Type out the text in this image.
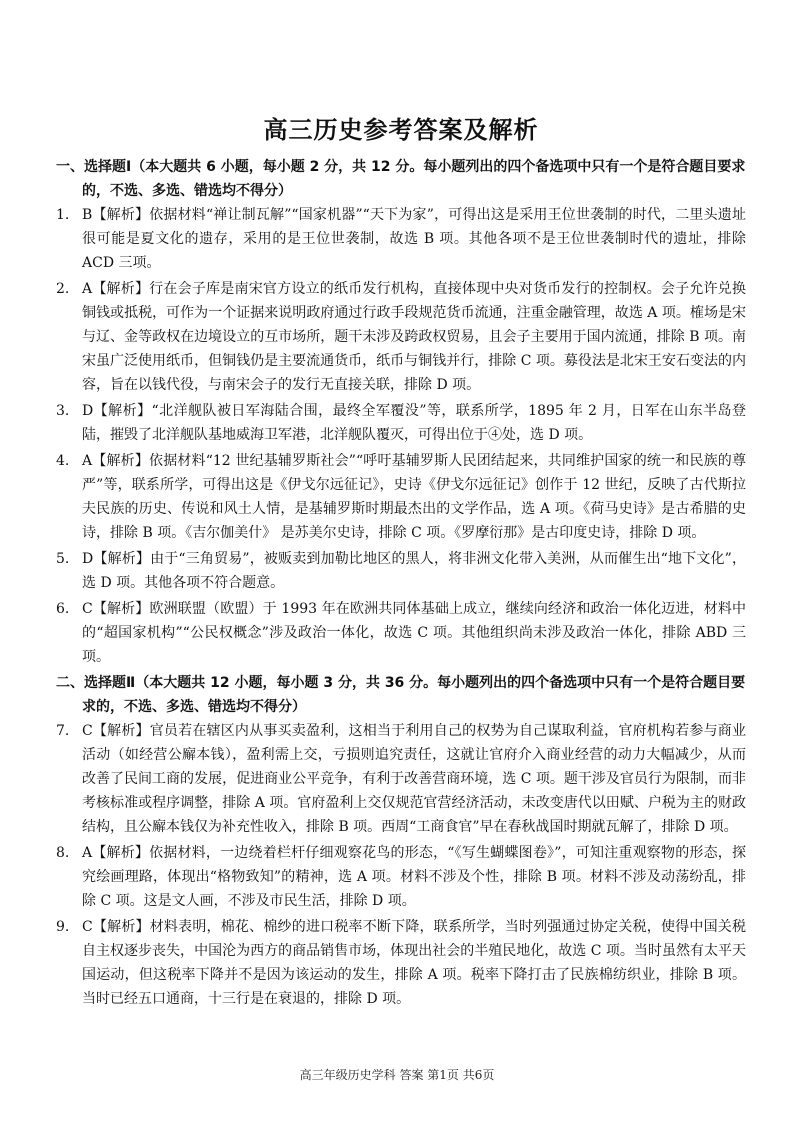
高三历史参考答案及解析

一、选择题Ⅰ（本大题共 6 小题，每小题 2 分，共 12 分。每小题列出的四个备选项中只有一个是符合题目要求的，不选、多选、错选均不得分）

1. B【解析】依据材料“禅让制瓦解”“国家机器”“天下为家”，可得出这是采用王位世袭制的时代，二里头遗址很可能是夏文化的遗存，采用的是王位世袭制，故选 B 项。其他各项不是王位世袭制时代的遗址，排除 ACD 三项。

2. A【解析】行在会子库是南宋官方设立的纸币发行机构，直接体现中央对货币发行的控制权。会子允许兑换铜钱或抵税，可作为一个证据来说明政府通过行政手段规范货币流通，注重金融管理，故选 A 项。榷场是宋与辽、金等政权在边境设立的互市场所，题干未涉及跨政权贸易，且会子主要用于国内流通，排除 B 项。南宋虽广泛使用纸币，但铜钱仍是主要流通货币，纸币与铜钱并行，排除 C 项。募役法是北宋王安石变法的内容，旨在以钱代役，与南宋会子的发行无直接关联，排除 D 项。

3. D【解析】“北洋舰队被日军海陆合围，最终全军覆没”等，联系所学，1895 年 2 月，日军在山东半岛登陆，摧毁了北洋舰队基地威海卫军港，北洋舰队覆灭，可得出位于④处，选 D 项。

4. A【解析】依据材料“12 世纪基辅罗斯社会”“呼吁基辅罗斯人民团结起来，共同维护国家的统一和民族的尊严”等，联系所学，可得出这是《伊戈尔远征记》，史诗《伊戈尔远征记》创作于 12 世纪，反映了古代斯拉夫民族的历史、传说和风土人情，是基辅罗斯时期最杰出的文学作品，选 A 项。《荷马史诗》是古希腊的史诗，排除 B 项。《吉尔伽美什》 是苏美尔史诗，排除 C 项。《罗摩衍那》是古印度史诗，排除 D 项。

5. D【解析】由于“三角贸易”，被贩卖到加勒比地区的黑人，将非洲文化带入美洲，从而催生出“地下文化”，选 D 项。其他各项不符合题意。

6. C【解析】欧洲联盟（欧盟）于 1993 年在欧洲共同体基础上成立，继续向经济和政治一体化迈进，材料中的“超国家机构”“公民权概念”涉及政治一体化，故选 C 项。其他组织尚未涉及政治一体化，排除 ABD 三项。

二、选择题Ⅱ（本大题共 12 小题，每小题 3 分，共 36 分。每小题列出的四个备选项中只有一个是符合题目要求的，不选、多选、错选均不得分）

7. C【解析】官员若在辖区内从事买卖盈利，这相当于利用自己的权势为自己谋取利益，官府机构若参与商业活动（如经营公廨本钱），盈利需上交，亏损则追究责任，这就让官府介入商业经营的动力大幅减少，从而改善了民间工商的发展，促进商业公平竞争，有利于改善营商环境，选 C 项。题干涉及官员行为限制，而非考核标准或程序调整，排除 A 项。官府盈利上交仅规范官营经济活动，未改变唐代以田赋、户税为主的财政结构，且公廨本钱仅为补充性收入，排除 B 项。西周“工商食官”早在春秋战国时期就瓦解了，排除 D 项。

8. A【解析】依据材料，一边绕着栏杆仔细观察花鸟的形态，“《写生蝴蝶图卷》”，可知注重观察物的形态，探究绘画理路，体现出“格物致知”的精神，选 A 项。材料不涉及个性，排除 B 项。材料不涉及动荡纷乱，排除 C 项。这是文人画，不涉及市民生活，排除 D 项。

9. C【解析】材料表明，棉花、棉纱的进口税率不断下降，联系所学，当时列强通过协定关税，使得中国关税自主权逐步丧失，中国沦为西方的商品销售市场，体现出社会的半殖民地化，故选 C 项。当时虽然有太平天国运动，但这税率下降并不是因为该运动的发生，排除 A 项。税率下降打击了民族棉纺织业，排除 B 项。当时已经五口通商，十三行是在衰退的，排除 D 项。

高三年级历史学科 答案 第1页 共6页
